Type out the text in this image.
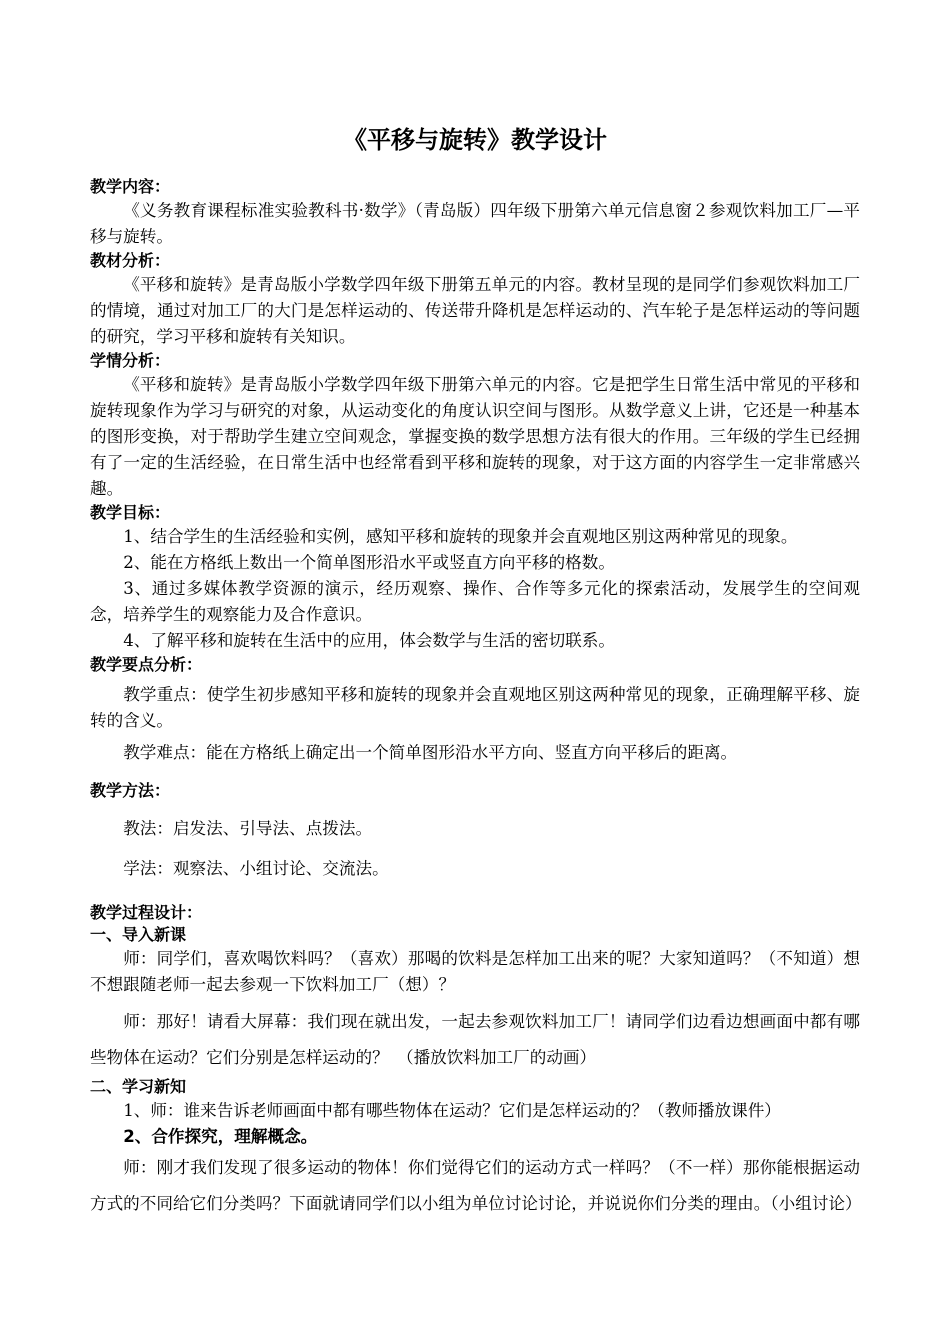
《平移与旋转》教学设计
教学内容：
《义务教育课程标准实验教科书·数学》（青岛版）四年级下册第六单元信息窗２参观饮料加工厂—平移与旋转。
教材分析：
《平移和旋转》是青岛版小学数学四年级下册第五单元的内容。教材呈现的是同学们参观饮料加工厂的情境，通过对加工厂的大门是怎样运动的、传送带升降机是怎样运动的、汽车轮子是怎样运动的等问题的研究，学习平移和旋转有关知识。
学情分析：
《平移和旋转》是青岛版小学数学四年级下册第六单元的内容。它是把学生日常生活中常见的平移和旋转现象作为学习与研究的对象，从运动变化的角度认识空间与图形。从数学意义上讲，它还是一种基本的图形变换，对于帮助学生建立空间观念，掌握变换的数学思想方法有很大的作用。三年级的学生已经拥有了一定的生活经验，在日常生活中也经常看到平移和旋转的现象，对于这方面的内容学生一定非常感兴趣。
教学目标：
1、结合学生的生活经验和实例，感知平移和旋转的现象并会直观地区别这两种常见的现象。
2、能在方格纸上数出一个简单图形沿水平或竖直方向平移的格数。
3、通过多媒体教学资源的演示，经历观察、操作、合作等多元化的探索活动，发展学生的空间观念，培养学生的观察能力及合作意识。
4、了解平移和旋转在生活中的应用，体会数学与生活的密切联系。
教学要点分析：
教学重点：使学生初步感知平移和旋转的现象并会直观地区别这两种常见的现象，正确理解平移、旋转的含义。
教学难点：能在方格纸上确定出一个简单图形沿水平方向、竖直方向平移后的距离。
教学方法：
教法：启发法、引导法、点拨法。
学法：观察法、小组讨论、交流法。
教学过程设计：
一、导入新课
师：同学们，喜欢喝饮料吗？（喜欢）那喝的饮料是怎样加工出来的呢？大家知道吗？（不知道）想不想跟随老师一起去参观一下饮料加工厂（想）？
师：那好！请看大屏幕：我们现在就出发，一起去参观饮料加工厂！请同学们边看边想画面中都有哪些物体在运动？它们分别是怎样运动的？　（播放饮料加工厂的动画）
二、学习新知
1、师：谁来告诉老师画面中都有哪些物体在运动？它们是怎样运动的？（教师播放课件）
2、合作探究，理解概念。
师：刚才我们发现了很多运动的物体！你们觉得它们的运动方式一样吗？（不一样）那你能根据运动方式的不同给它们分类吗？下面就请同学们以小组为单位讨论讨论，并说说你们分类的理由。（小组讨论）
